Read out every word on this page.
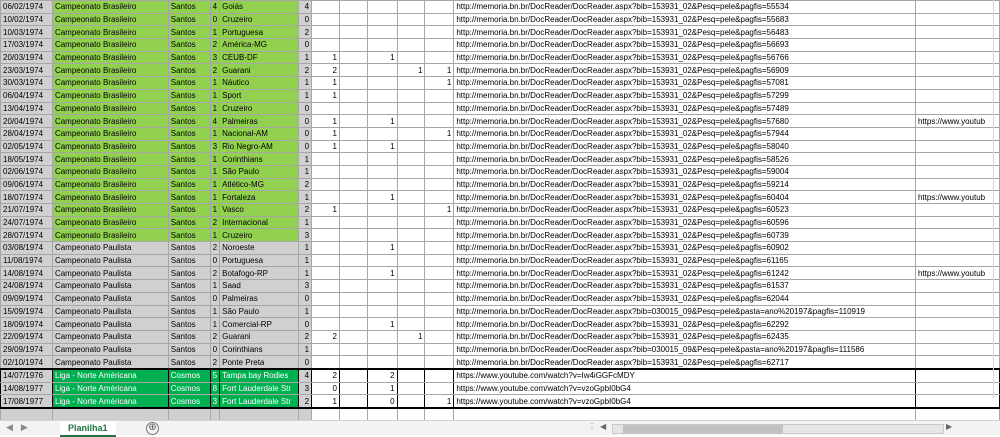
06/02/1974	Campeonato Brasileiro	Santos	4	Goiás	4						http://memoria.bn.br/DocReader/DocReader.aspx?bib=153931_02&Pesq=pele&pagfis=55534	
10/02/1974	Campeonato Brasileiro	Santos	0	Cruzeiro	0						http://memoria.bn.br/DocReader/DocReader.aspx?bib=153931_02&Pesq=pele&pagfis=55683	
10/03/1974	Campeonato Brasileiro	Santos	1	Portuguesa	2						http://memoria.bn.br/DocReader/DocReader.aspx?bib=153931_02&Pesq=pele&pagfis=56483	
17/03/1974	Campeonato Brasileiro	Santos	2	América-MG	0						http://memoria.bn.br/DocReader/DocReader.aspx?bib=153931_02&Pesq=pele&pagfis=56693	
20/03/1974	Campeonato Brasileiro	Santos	3	CEUB-DF	1	1		1			http://memoria.bn.br/DocReader/DocReader.aspx?bib=153931_02&Pesq=pele&pagfis=56766	
23/03/1974	Campeonato Brasileiro	Santos	2	Guarani	2	2			1	1	http://memoria.bn.br/DocReader/DocReader.aspx?bib=153931_02&Pesq=pele&pagfis=56909	
30/03/1974	Campeonato Brasileiro	Santos	1	Náutico	1	1				1	http://memoria.bn.br/DocReader/DocReader.aspx?bib=153931_02&Pesq=pele&pagfis=57081	
06/04/1974	Campeonato Brasileiro	Santos	1	Sport	1	1					http://memoria.bn.br/DocReader/DocReader.aspx?bib=153931_02&Pesq=pele&pagfis=57299	
13/04/1974	Campeonato Brasileiro	Santos	1	Cruzeiro	0						http://memoria.bn.br/DocReader/DocReader.aspx?bib=153931_02&Pesq=pele&pagfis=57489	
20/04/1974	Campeonato Brasileiro	Santos	4	Palmeiras	0	1		1			http://memoria.bn.br/DocReader/DocReader.aspx?bib=153931_02&Pesq=pele&pagfis=57680	https://www.youtub
28/04/1974	Campeonato Brasileiro	Santos	1	Nacional-AM	0	1				1	http://memoria.bn.br/DocReader/DocReader.aspx?bib=153931_02&Pesq=pele&pagfis=57944	
02/05/1974	Campeonato Brasileiro	Santos	3	Rio Negro-AM	0	1		1			http://memoria.bn.br/DocReader/DocReader.aspx?bib=153931_02&Pesq=pele&pagfis=58040	
18/05/1974	Campeonato Brasileiro	Santos	1	Corinthians	1						http://memoria.bn.br/DocReader/DocReader.aspx?bib=153931_02&Pesq=pele&pagfis=58526	
02/06/1974	Campeonato Brasileiro	Santos	1	São Paulo	1						http://memoria.bn.br/DocReader/DocReader.aspx?bib=153931_02&Pesq=pele&pagfis=59004	
09/06/1974	Campeonato Brasileiro	Santos	1	Atlético-MG	2						http://memoria.bn.br/DocReader/DocReader.aspx?bib=153931_02&Pesq=pele&pagfis=59214	
18/07/1974	Campeonato Brasileiro	Santos	1	Fortaleza	1			1			http://memoria.bn.br/DocReader/DocReader.aspx?bib=153931_02&Pesq=pele&pagfis=60404	https://www.youtub
21/07/1974	Campeonato Brasileiro	Santos	1	Vasco	2	1				1	http://memoria.bn.br/DocReader/DocReader.aspx?bib=153931_02&Pesq=pele&pagfis=60523	
24/07/1974	Campeonato Brasileiro	Santos	2	Internacional	1						http://memoria.bn.br/DocReader/DocReader.aspx?bib=153931_02&Pesq=pele&pagfis=60596	
28/07/1974	Campeonato Brasileiro	Santos	1	Cruzeiro	3						http://memoria.bn.br/DocReader/DocReader.aspx?bib=153931_02&Pesq=pele&pagfis=60739	
03/08/1974	Campeonato Paulista	Santos	2	Noroeste	1			1			http://memoria.bn.br/DocReader/DocReader.aspx?bib=153931_02&Pesq=pele&pagfis=60902	
11/08/1974	Campeonato Paulista	Santos	0	Portuguesa	1						http://memoria.bn.br/DocReader/DocReader.aspx?bib=153931_02&Pesq=pele&pagfis=61165	
14/08/1974	Campeonato Paulista	Santos	2	Botafogo-RP	1			1			http://memoria.bn.br/DocReader/DocReader.aspx?bib=153931_02&Pesq=pele&pagfis=61242	https://www.youtub
24/08/1974	Campeonato Paulista	Santos	1	Saad	3						http://memoria.bn.br/DocReader/DocReader.aspx?bib=153931_02&Pesq=pele&pagfis=61537	
09/09/1974	Campeonato Paulista	Santos	0	Palmeiras	0						http://memoria.bn.br/DocReader/DocReader.aspx?bib=153931_02&Pesq=pele&pagfis=62044	
15/09/1974	Campeonato Paulista	Santos	1	São Paulo	1						http://memoria.bn.br/DocReader/DocReader.aspx?bib=030015_09&Pesq=pele&pasta=ano%20197&pagfis=110919	
18/09/1974	Campeonato Paulista	Santos	1	Comercial-RP	0			1			http://memoria.bn.br/DocReader/DocReader.aspx?bib=153931_02&Pesq=pele&pagfis=62292	
22/09/1974	Campeonato Paulista	Santos	2	Guarani	2	2			1		http://memoria.bn.br/DocReader/DocReader.aspx?bib=153931_02&Pesq=pele&pagfis=62435	
29/09/1974	Campeonato Paulista	Santos	0	Corinthians	1						http://memoria.bn.br/DocReader/DocReader.aspx?bib=030015_09&Pesq=pele&pasta=ano%20197&pagfis=111586	
02/10/1974	Campeonato Paulista	Santos	2	Ponte Preta	0						http://memoria.bn.br/DocReader/DocReader.aspx?bib=153931_02&Pesq=pele&pagfis=62717	
14/07/1976	Liga - Norte Américana	Cosmos	5	Tampa bay Rodies	4	2		2			https://www.youtube.com/watch?v=Iw4iGGFcMDY	
14/08/1977	Liga - Norte Américana	Cosmos	8	Fort Lauderdale Str	3	0		1			https://www.youtube.com/watch?v=vzoGpbI0bG4	
17/08/1977	Liga - Norte Américana	Cosmos	3	Fort Lauderdale Str	2	1		0		1	https://www.youtube.com/watch?v=vzoGpbI0bG4	

◀ ▶	Planilha1	⊕	⋮ ◀	▶
